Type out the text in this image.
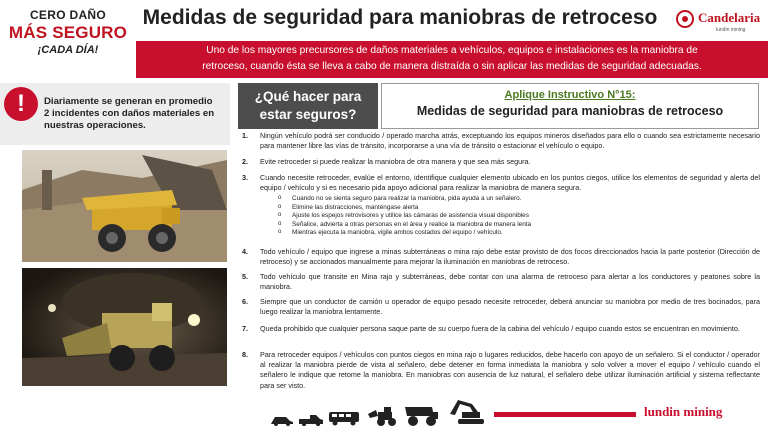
CERO DAÑO
MÁS SEGURO
¡CADA DÍA!
Medidas de seguridad para maniobras de retroceso	Candelaria
lundin mining
Uno de los mayores precursores de daños materiales a vehículos, equipos e instalaciones es la maniobra de
retroceso, cuando ésta se lleva a cabo de manera distraída o sin aplicar las medidas de seguridad adecuadas.
!	Diariamente se generan en promedio
2 incidentes con daños materiales en
nuestras operaciones.
¿Qué hacer para
estar seguros?
Aplique Instructivo N°15:
Medidas de seguridad para maniobras de retroceso
1. Ningún vehículo podrá ser conducido / operado marcha atrás, exceptuando los equipos mineros diseñados para ello o cuando sea estrictamente necesario para mantener libre las vías de tránsito, incorporarse a una vía de tránsito o estacionar el vehículo o equipo.
2. Evite retroceder si puede realizar la maniobra de otra manera y que sea más segura.
3. Cuando necesite retroceder, evalúe el entorno, identifique cualquier elemento ubicado en los puntos ciegos, utilice los elementos de seguridad y alerta del equipo / vehículo y si es necesario pida apoyo adicional para realizar la maniobra de manera segura.
o Cuando no se sienta seguro para realizar la maniobra, pida ayuda a un señalero.
o Elimine las distracciones, manténgase alerta
o Ajuste los espejos retrovisores y utilice las cámaras de asistencia visual disponibles
o Señalice, advierta a otras personas en el área y realice la maniobra de manera lenta
o Mientras ejecuta la maniobra, vigile ambos costados del equipo / vehículo.
4. Todo vehículo / equipo que ingrese a minas subterráneas o mina rajo debe estar provisto de dos focos direccionados hacia la parte posterior (Dirección de retroceso) y se accionados manualmente para mejorar la iluminación en maniobras de retroceso.
5. Todo vehículo que transite en Mina rajo y subterráneas, debe contar con una alarma de retroceso para alertar a los conductores y peatones sobre la maniobra.
6. Siempre que un conductor de camión u operador de equipo pesado necesite retroceder, deberá anunciar su maniobra por medio de tres bocinados, para luego realizar la maniobra lentamente.
7. Queda prohibido que cualquier persona saque parte de su cuerpo fuera de la cabina del vehículo / equipo cuando estos se encuentran en movimiento.
8. Para retroceder equipos / vehículos con puntos ciegos en mina rajo o lugares reducidos, debe hacerlo con apoyo de un señalero. Si el conductor / operador al realizar la maniobra pierde de vista al señalero, debe detener en forma inmediata la maniobra y solo volver a mover el equipo / vehículo cuando el señalero le indique que retome la maniobra. En maniobras con ausencia de luz natural, el señalero debe utilizar iluminación artificial y sistema reflectante para ser visto.
lundin mining
